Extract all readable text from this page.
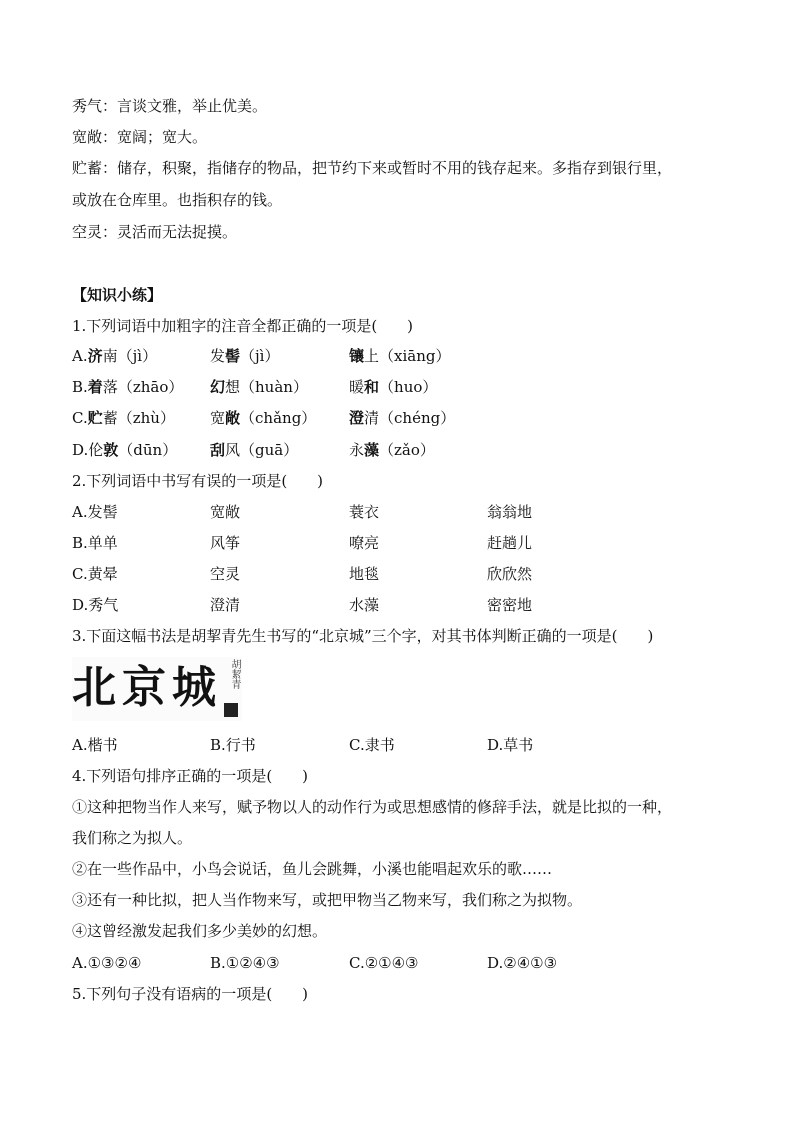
秀气：言谈文雅，举止优美。
宽敞：宽阔；宽大。
贮蓄：储存，积聚，指储存的物品，把节约下来或暂时不用的钱存起来。多指存到银行里，
或放在仓库里。也指积存的钱。
空灵：灵活而无法捉摸。
【知识小练】
1.下列词语中加粗字的注音全都正确的一项是(　　)
A.济南（jì）	发髻（jì）	镶上（xiāng）
B.着落（zhāo） 幻想（huàn）	暖和（huo）
C.贮蓄（zhù） 宽敞（chǎng） 澄清（chéng）
D.伦敦（dūn） 刮风（guā）	永藻（zǎo）
2.下列词语中书写有误的一项是(　　)
A.发髻	宽敞	蓑衣	翁翁地
B.单单	风筝	嘹亮	赶趟儿
C.黄晕	空灵	地毯	欣欣然
D.秀气	澄清	水藻	密密地
3.下面这幅书法是胡挈青先生书写的“北京城”三个字，对其书体判断正确的一项是(　　)
北京城 胡絜青
A.楷书	B.行书	C.隶书	D.草书
4.下列语句排序正确的一项是(　　)
①这种把物当作人来写，赋予物以人的动作行为或思想感情的修辞手法，就是比拟的一种，
我们称之为拟人。
②在一些作品中，小鸟会说话，鱼儿会跳舞，小溪也能唱起欢乐的歌……
③还有一种比拟，把人当作物来写，或把甲物当乙物来写，我们称之为拟物。
④这曾经激发起我们多少美妙的幻想。
A.①③②④	B.①②④③	C.②①④③	D.②④①③
5.下列句子没有语病的一项是(　　)
